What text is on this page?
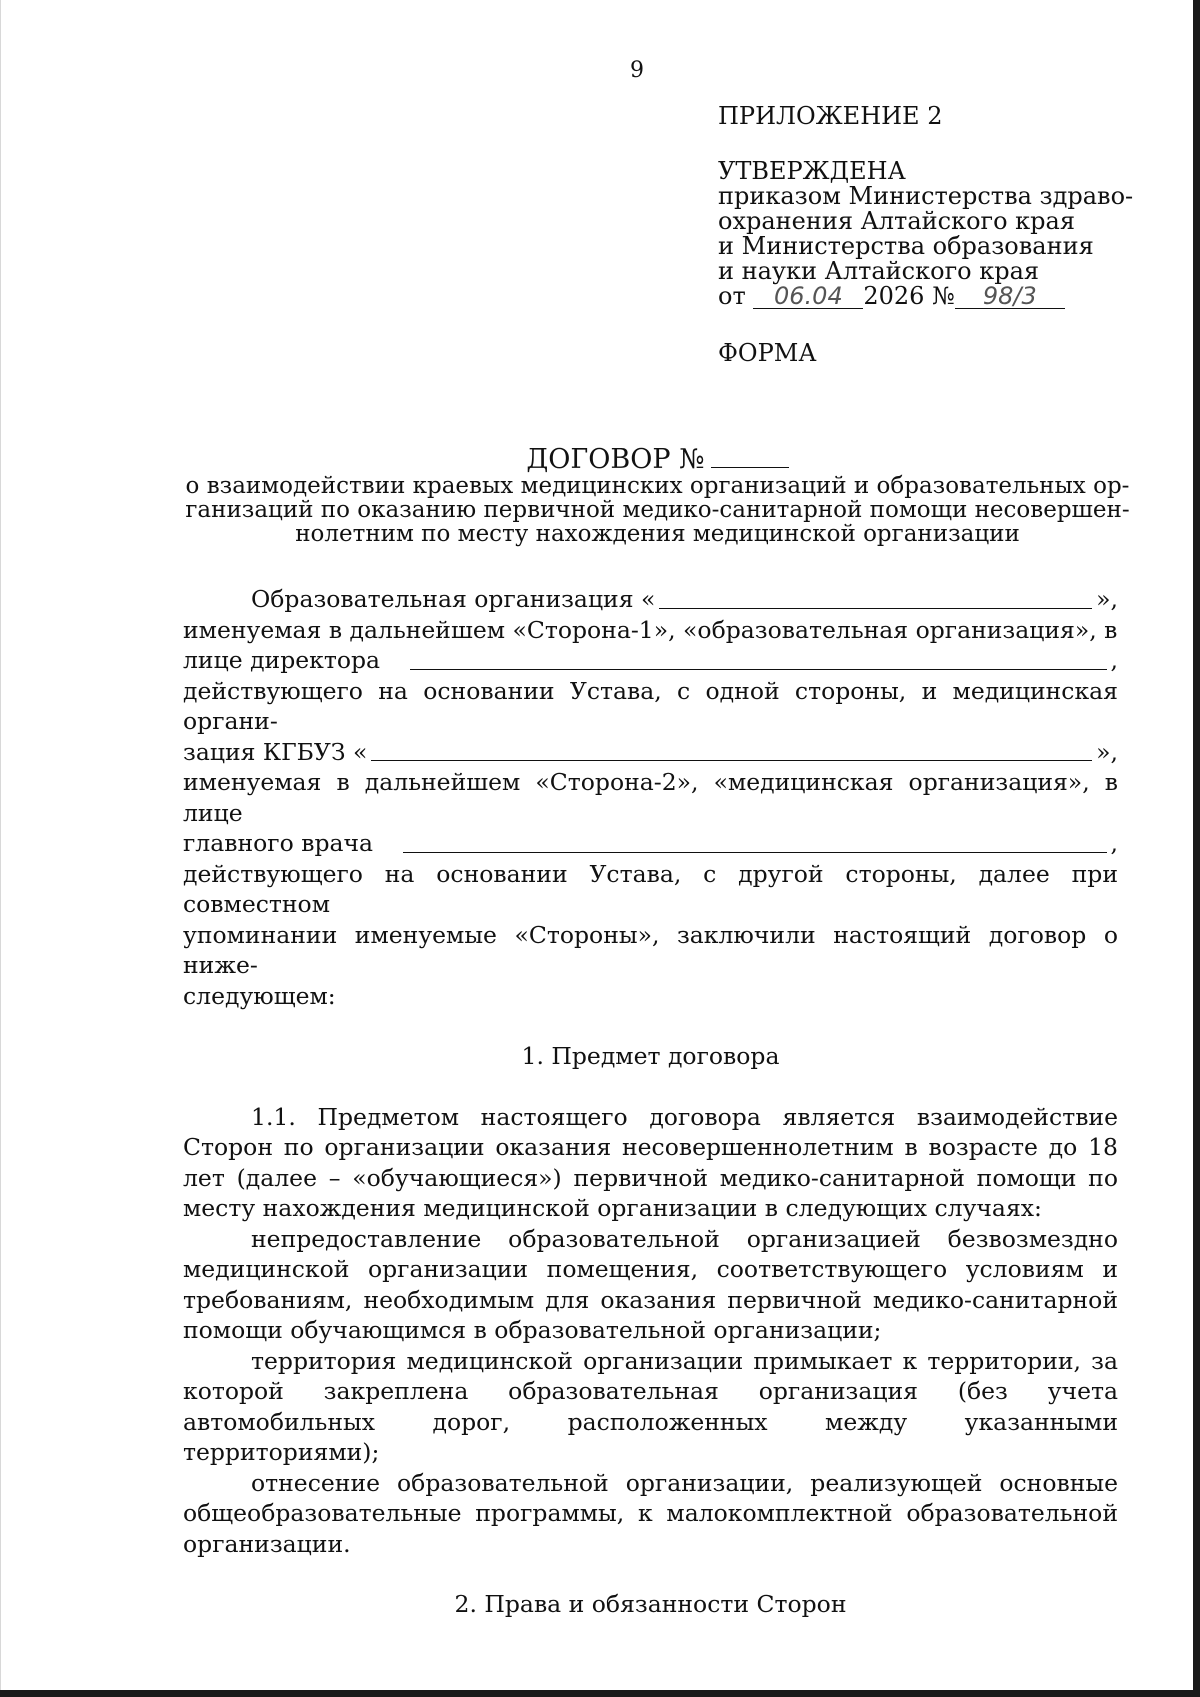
9
ПРИЛОЖЕНИЕ 2
УТВЕРЖДЕНА
приказом Министерства здраво-
охранения Алтайского края
и Министерства образования
и науки Алтайского края
от 06.04 2026 № 98/3
ФОРМА
ДОГОВОР №
о взаимодействии краевых медицинских организаций и образовательных ор-
ганизаций по оказанию первичной медико-санитарной помощи несовершен-
нолетним по месту нахождения медицинской организации
Образовательная организация «	»,

именуемая в дальнейшем «Сторона-1», «образовательная организация», в

лице директора	,

действующего на основании Устава, с одной стороны, и медицинская органи-

зация КГБУЗ «	»,

именуемая в дальнейшем «Сторона-2», «медицинская организация», в лице

главного врача	,

действующего на основании Устава, с другой стороны, далее при совместном

упоминании именуемые «Стороны», заключили настоящий договор о ниже-

следующем:

1. Предмет договора

1.1. Предметом настоящего договора является взаимодействие Сторон по организации оказания несовершеннолетним в возрасте до 18 лет (далее – «обучающиеся») первичной медико-санитарной помощи по месту нахождения медицинской организации в следующих случаях:

непредоставление образовательной организацией безвозмездно медицинской организации помещения, соответствующего условиям и требованиям, необходимым для оказания первичной медико-санитарной помощи обучающимся в образовательной организации;

территория медицинской организации примыкает к территории, за которой закреплена образовательная организация (без учета автомобильных дорог, расположенных между указанными территориями);

отнесение образовательной организации, реализующей основные общеобразовательные программы, к малокомплектной образовательной организации.

2. Права и обязанности Сторон
